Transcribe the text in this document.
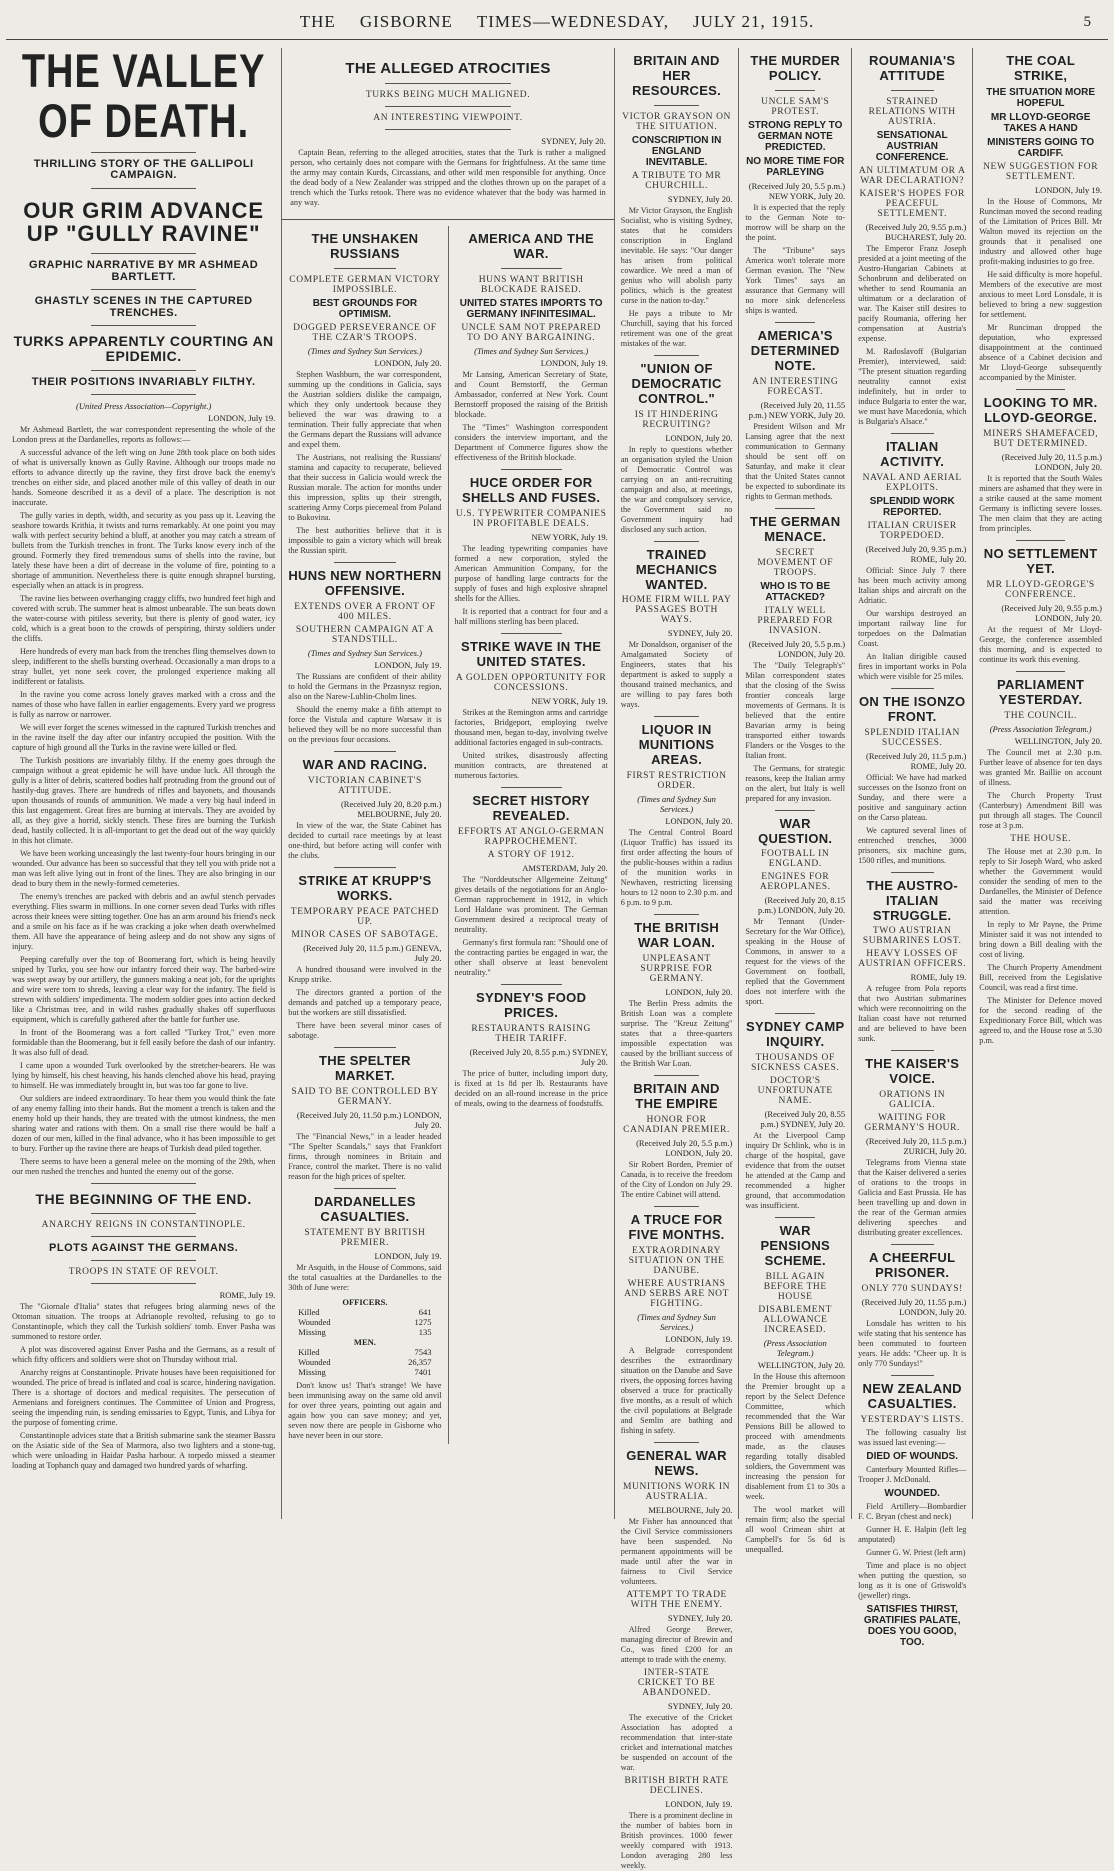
THE GISBORNE TIMES—WEDNESDAY, JULY 21, 1915.	5
THE VALLEY OF DEATH.
THRILLING STORY OF THE GALLIPOLI CAMPAIGN.
OUR GRIM ADVANCE UP "GULLY RAVINE"
GRAPHIC NARRATIVE BY MR ASHMEAD BARTLETT.
GHASTLY SCENES IN THE CAPTURED TRENCHES.
TURKS APPARENTLY COURTING AN EPIDEMIC.
THEIR POSITIONS INVARIABLY FILTHY.
(United Press Association—Copyright.)
LONDON, July 19.

Mr Ashmead Bartlett, the war correspondent representing the whole of the London press at the Dardanelles, reports as follows:—

A successful advance of the left wing on June 28th took place on both sides of what is universally known as Gully Ravine. Although our troops made no efforts to advance directly up the ravine, they first drove back the enemy's trenches on either side, and placed another mile of this valley of death in our hands. Someone described it as a devil of a place. The description is not inaccurate.

The gully varies in depth, width, and security as you pass up it. Leaving the seashore towards Krithia, it twists and turns remarkably. At one point you may walk with perfect security behind a bluff, at another you may catch a stream of bullets from the Turkish trenches in front. The Turks know every inch of the ground. Formerly they fired tremendous sums of shells into the ravine, but lately these have been a dirt of decrease in the volume of fire, pointing to a shortage of ammunition. Nevertheless there is quite enough shrapnel bursting, especially when an attack is in progress.

The ravine lies between overhanging craggy cliffs, two hundred feet high and covered with scrub. The summer heat is almost unbearable. The sun beats down the water-course with pitiless severity, but there is plenty of good water, icy cold, which is a great boon to the crowds of perspiring, thirsty soldiers under the cliffs.

Here hundreds of every man back from the trenches fling themselves down to sleep, indifferent to the shells bursting overhead. Occasionally a man drops to a stray bullet, yet none seek cover, the prolonged experience making all indifferent or fatalists.

In the ravine you come across lonely graves marked with a cross and the names of those who have fallen in earlier engagements. Every yard we progress is fully as narrow or narrower.

We will ever forget the scenes witnessed in the captured Turkish trenches and in the ravine itself the day after our infantry occupied the position. With the capture of high ground all the Turks in the ravine were killed or fled.

The Turkish positions are invariably filthy. If the enemy goes through the campaign without a great epidemic he will have undue luck. All through the gully is a litter of debris, scattered bodies half protruding from the ground out of hastily-dug graves. There are hundreds of rifles and bayonets, and thousands upon thousands of rounds of ammunition. We made a very big haul indeed in this last engagement. Great fires are burning at intervals. They are avoided by all, as they give a horrid, sickly stench. These fires are burning the Turkish dead, hastily collected. It is all-important to get the dead out of the way quickly in this hot climate.

We have been working unceasingly the last twenty-four hours bringing in our wounded. Our advance has been so successful that they tell you with pride not a man was left alive lying out in front of the lines. They are also bringing in our dead to bury them in the newly-formed cemeteries.

The enemy's trenches are packed with debris and an awful stench pervades everything. Flies swarm in millions. In one corner seven dead Turks with rifles across their knees were sitting together. One has an arm around his friend's neck and a smile on his face as if he was cracking a joke when death overwhelmed them. All have the appearance of being asleep and do not show any signs of injury.

Peeping carefully over the top of Boomerang fort, which is being heavily sniped by Turks, you see how our infantry forced their way. The barbed-wire was swept away by our artillery, the gunners making a neat job, for the uprights and wire were torn to shreds, leaving a clear way for the infantry. The field is strewn with soldiers' impedimenta. The modern soldier goes into action decked like a Christmas tree, and in wild rushes gradually shakes off superfluous equipment, which is carefully gathered after the battle for further use.

In front of the Boomerang was a fort called "Turkey Trot," even more formidable than the Boomerang, but it fell easily before the dash of our infantry. It was also full of dead.

I came upon a wounded Turk overlooked by the stretcher-bearers. He was lying by himself, his chest heaving, his hands clenched above his head, praying to himself. He was immediately brought in, but was too far gone to live.

Our soldiers are indeed extraordinary. To hear them you would think the fate of any enemy falling into their hands. But the moment a trench is taken and the enemy hold up their hands, they are treated with the utmost kindness, the men sharing water and rations with them. On a small rise there would be half a dozen of our men, killed in the final advance, who it has been impossible to get to bury. Further up the ravine there are heaps of Turkish dead piled together.

There seems to have been a general melee on the morning of the 29th, when our men rushed the trenches and hunted the enemy out of the gorse.

THE BEGINNING OF THE END.
ANARCHY REIGNS IN CONSTANTINOPLE.
PLOTS AGAINST THE GERMANS.
TROOPS IN STATE OF REVOLT.
ROME, July 19.

The "Giornale d'Italia" states that refugees bring alarming news of the Ottoman situation. The troops at Adrianople revolted, refusing to go to Constantinople, which they call the Turkish soldiers' tomb. Enver Pasha was summoned to restore order.

A plot was discovered against Enver Pasha and the Germans, as a result of which fifty officers and soldiers were shot on Thursday without trial.

Anarchy reigns at Constantinople. Private houses have been requisitioned for wounded. The price of bread is inflated and coal is scarce, hindering navigation. There is a shortage of doctors and medical requisites. The persecution of Armenians and foreigners continues. The Committee of Union and Progress, seeing the impending ruin, is sending emissaries to Egypt, Tunis, and Libya for the purpose of fomenting crime.

Constantinople advices state that a British submarine sank the steamer Bassra on the Asiatic side of the Sea of Marmora, also two lighters and a stone-tug, which were unloading in Haidar Pasha harbour. A torpedo missed a steamer loading at Tophanch quay and damaged two hundred yards of wharfing.

THE ALLEGED ATROCITIES
TURKS BEING MUCH MALIGNED.
AN INTERESTING VIEWPOINT.
SYDNEY, July 20.

Captain Bean, referring to the alleged atrocities, states that the Turk is rather a maligned person, who certainly does not compare with the Germans for frightfulness. At the same time the army may contain Kurds, Circassians, and other wild men responsible for anything. Once the dead body of a New Zealander was stripped and the clothes thrown up on the parapet of a trench which the Turks retook. There was no evidence whatever that the body was harmed in any way.

THE UNSHAKEN RUSSIANS
COMPLETE GERMAN VICTORY IMPOSSIBLE.
BEST GROUNDS FOR OPTIMISM.
DOGGED PERSEVERANCE OF THE CZAR'S TROOPS.
(Times and Sydney Sun Services.)
LONDON, July 20.

Stephen Washburn, the war correspondent, summing up the conditions in Galicia, says the Austrian soldiers dislike the campaign, which they only undertook because they believed the war was drawing to a termination. Their fully appreciate that when the Germans depart the Russians will advance and expel them.

The Austrians, not realising the Russians' stamina and capacity to recuperate, believed that their success in Galicia would wreck the Russian morale. The action for months under this impression, splits up their strength, scattering Army Corps piecemeal from Poland to Bukovina.

The best authorities believe that it is impossible to gain a victory which will break the Russian spirit.

HUNS NEW NORTHERN OFFENSIVE.
EXTENDS OVER A FRONT OF 400 MILES.
SOUTHERN CAMPAIGN AT A STANDSTILL.
(Times and Sydney Sun Services.)
LONDON, July 19.

The Russians are confident of their ability to hold the Germans in the Przasnysz region, also on the Narew-Lublin-Cholm lines.

Should the enemy make a fifth attempt to force the Vistula and capture Warsaw it is believed they will be no more successful than on the previous four occasions.

WAR AND RACING.
VICTORIAN CABINET'S ATTITUDE.
(Received July 20, 8.20 p.m.) MELBOURNE, July 20.

In view of the war, the State Cabinet has decided to curtail race meetings by at least one-third, but before acting will confer with the clubs.

STRIKE AT KRUPP'S WORKS.
TEMPORARY PEACE PATCHED UP.
MINOR CASES OF SABOTAGE.
(Received July 20, 11.5 p.m.) GENEVA, July 20.

A hundred thousand were involved in the Krupp strike.

The directors granted a portion of the demands and patched up a temporary peace, but the workers are still dissatisfied.

There have been several minor cases of sabotage.

THE SPELTER MARKET.
SAID TO BE CONTROLLED BY GERMANY.
(Received July 20, 11.50 p.m.) LONDON, July 20.

The "Financial News," in a leader headed "The Spelter Scandals," says that Frankfort firms, through nominees in Britain and France, control the market. There is no valid reason for the high prices of spelter.

DARDANELLES CASUALTIES.
STATEMENT BY BRITISH PREMIER.
LONDON, July 19.

Mr Asquith, in the House of Commons, said the total casualties at the Dardanelles to the 30th of June were:

OFFICERS.
Killed	641
Wounded	1275
Missing	135
MEN.
Killed	7543
Wounded	26,357
Missing	7401

Don't know us! That's strange! We have been immunising away on the same old anvil for over three years, pointing out again and again how you can save money; and yet, seven now there are people in Gisborne who have never been in our store.

AMERICA AND THE WAR.
HUNS WANT BRITISH BLOCKADE RAISED.
UNITED STATES IMPORTS TO GERMANY INFINITESIMAL.
UNCLE SAM NOT PREPARED TO DO ANY BARGAINING.
(Times and Sydney Sun Services.)
LONDON, July 19.

Mr Lansing, American Secretary of State, and Count Bernstorff, the German Ambassador, conferred at New York. Count Bernstorff proposed the raising of the British blockade.

The "Times" Washington correspondent considers the interview important, and the Department of Commerce figures show the effectiveness of the British blockade.

HUCE ORDER FOR SHELLS AND FUSES.
U.S. TYPEWRITER COMPANIES IN PROFITABLE DEALS.
NEW YORK, July 19.

The leading typewriting companies have formed a new corporation, styled the American Ammunition Company, for the purpose of handling large contracts for the supply of fuses and high explosive shrapnel shells for the Allies.

It is reported that a contract for four and a half millions sterling has been placed.

STRIKE WAVE IN THE UNITED STATES.
A GOLDEN OPPORTUNITY FOR CONCESSIONS.
NEW YORK, July 19.

Strikes at the Remington arms and cartridge factories, Bridgeport, employing twelve thousand men, began to-day, involving twelve additional factories engaged in sub-contracts.

United strikes, disastrously affecting munition contracts, are threatened at numerous factories.

SECRET HISTORY REVEALED.
EFFORTS AT ANGLO-GERMAN RAPPROCHEMENT.
A STORY OF 1912.
AMSTERDAM, July 20.

The "Norddeutscher Allgemeine Zeitung" gives details of the negotiations for an Anglo-German rapprochement in 1912, in which Lord Haldane was prominent. The German Government desired a reciprocal treaty of neutrality.

Germany's first formula ran: "Should one of the contracting parties be engaged in war, the other shall observe at least benevolent neutrality."

SYDNEY'S FOOD PRICES.
RESTAURANTS RAISING THEIR TARIFF.
(Received July 20, 8.55 p.m.) SYDNEY, July 20.

The price of butter, including import duty, is fixed at 1s 8d per lb. Restaurants have decided on an all-round increase in the price of meals, owing to the dearness of foodstuffs.

BRITAIN AND HER RESOURCES.
VICTOR GRAYSON ON THE SITUATION.
CONSCRIPTION IN ENGLAND INEVITABLE.
A TRIBUTE TO MR CHURCHILL.
SYDNEY, July 20.

Mr Victor Grayson, the English Socialist, who is visiting Sydney, states that he considers conscription in England inevitable. He says: "Our danger has arisen from political cowardice. We need a man of genius who will abolish party politics, which is the greatest curse in the nation to-day."

He pays a tribute to Mr Churchill, saying that his forced retirement was one of the great mistakes of the war.

"UNION OF DEMOCRATIC CONTROL."
IS IT HINDERING RECRUITING?
LONDON, July 20.

In reply to questions whether an organisation styled the Union of Democratic Control was carrying on an anti-recruiting campaign and also, at meetings, the war and compulsory service, the Government said no Government inquiry had disclosed any such action.

TRAINED MECHANICS WANTED.
HOME FIRM WILL PAY PASSAGES BOTH WAYS.
SYDNEY, July 20.

Mr Donaldson, organiser of the Amalgamated Society of Engineers, states that his department is asked to supply a thousand trained mechanics, and are willing to pay fares both ways.

LIQUOR IN MUNITIONS AREAS.
FIRST RESTRICTION ORDER.
(Times and Sydney Sun Services.)
LONDON, July 20.

The Central Control Board (Liquor Traffic) has issued its first order affecting the hours of the public-houses within a radius of the munition works in Newhaven, restricting licensing hours to 12 noon to 2.30 p.m. and 6 p.m. to 9 p.m.

THE BRITISH WAR LOAN.
UNPLEASANT SURPRISE FOR GERMANY.
LONDON, July 20.

The Berlin Press admits the British Loan was a complete surprise. The "Kreuz Zeitung" states that a three-quarters impossible expectation was caused by the brilliant success of the British War Loan.

BRITAIN AND THE EMPIRE
HONOR FOR CANADIAN PREMIER.
(Received July 20, 5.5 p.m.) LONDON, July 20.

Sir Robert Borden, Premier of Canada, is to receive the freedom of the City of London on July 29. The entire Cabinet will attend.

A TRUCE FOR FIVE MONTHS.
EXTRAORDINARY SITUATION ON THE DANUBE.
WHERE AUSTRIANS AND SERBS ARE NOT FIGHTING.
(Times and Sydney Sun Services.)
LONDON, July 19.

A Belgrade correspondent describes the extraordinary situation on the Danube and Save rivers, the opposing forces having observed a truce for practically five months, as a result of which the civil populations at Belgrade and Semlin are bathing and fishing in safety.

GENERAL WAR NEWS.
MUNITIONS WORK IN AUSTRALIA.
MELBOURNE, July 20.

Mr Fisher has announced that the Civil Service commissioners have been suspended. No permanent appointments will be made until after the war in fairness to Civil Service volunteers.

ATTEMPT TO TRADE WITH THE ENEMY.
SYDNEY, July 20.

Alfred George Brewer, managing director of Brewin and Co., was fined £200 for an attempt to trade with the enemy.

INTER-STATE CRICKET TO BE ABANDONED.
SYDNEY, July 20.

The executive of the Cricket Association has adopted a recommendation that inter-state cricket and international matches be suspended on account of the war.

BRITISH BIRTH RATE DECLINES.
LONDON, July 19.

There is a prominent decline in the number of babies born in British provinces. 1000 fewer weekly compared with 1913. London averaging 280 less weekly.

THE MURDER POLICY.
UNCLE SAM'S PROTEST.
STRONG REPLY TO GERMAN NOTE PREDICTED.
NO MORE TIME FOR PARLEYING
(Received July 20, 5.5 p.m.) NEW YORK, July 20.

It is expected that the reply to the German Note to-morrow will be sharp on the the point.

The "Tribune" says America won't tolerate more German evasion. The "New York Times" says an assurance that Germany will no more sink defenceless ships is wanted.

AMERICA'S DETERMINED NOTE.
AN INTERESTING FORECAST.
(Received July 20, 11.55 p.m.) NEW YORK, July 20.

President Wilson and Mr Lansing agree that the next communication to Germany should be sent off on Saturday, and make it clear that the United States cannot be expected to subordinate its rights to German methods.

THE GERMAN MENACE.
SECRET MOVEMENT OF TROOPS.
WHO IS TO BE ATTACKED?
ITALY WELL PREPARED FOR INVASION.
(Received July 20, 5.5 p.m.) LONDON, July 20.

The "Daily Telegraph's" Milan correspondent states that the closing of the Swiss frontier conceals large movements of Germans. It is believed that the entire Bavarian army is being transported either towards Flanders or the Vosges to the Italian front.

The Germans, for strategic reasons, keep the Italian army on the alert, but Italy is well prepared for any invasion.

WAR QUESTION.
FOOTBALL IN ENGLAND.
ENGINES FOR AEROPLANES.
(Received July 20, 8.15 p.m.) LONDON, July 20.

Mr Tennant (Under-Secretary for the War Office), speaking in the House of Commons, in answer to a request for the views of the Government on football, replied that the Government does not interfere with the sport.

SYDNEY CAMP INQUIRY.
THOUSANDS OF SICKNESS CASES.
DOCTOR'S UNFORTUNATE NAME.
(Received July 20, 8.55 p.m.) SYDNEY, July 20.

At the Liverpool Camp inquiry Dr Schlink, who is in charge of the hospital, gave evidence that from the outset he attended at the Camp and recommended a higher ground, that accommodation was insufficient.

WAR PENSIONS SCHEME.
BILL AGAIN BEFORE THE HOUSE
DISABLEMENT ALLOWANCE INCREASED.
(Press Association Telegram.)
WELLINGTON, July 20.

In the House this afternoon the Premier brought up a report by the Select Defence Committee, which recommended that the War Pensions Bill be allowed to proceed with amendments made, as the clauses regarding totally disabled soldiers, the Government was increasing the pension for disablement from £1 to 30s a week.

The wool market will remain firm; also the special all wool Crimean shirt at Campbell's for 5s 6d is unequalled.

ROUMANIA'S ATTITUDE
STRAINED RELATIONS WITH AUSTRIA.
SENSATIONAL AUSTRIAN CONFERENCE.
AN ULTIMATUM OR A WAR DECLARATION?
KAISER'S HOPES FOR PEACEFUL SETTLEMENT.
(Received July 20, 9.55 p.m.) BUCHAREST, July 20.

The Emperor Franz Joseph presided at a joint meeting of the Austro-Hungarian Cabinets at Schonbrunn and deliberated on whether to send Roumania an ultimatum or a declaration of war. The Kaiser still desires to pacify Roumania, offering her compensation at Austria's expense.

M. Radoslavoff (Bulgarian Premier), interviewed, said: "The present situation regarding neutrality cannot exist indefinitely, but in order to induce Bulgaria to enter the war, we must have Macedonia, which is Bulgaria's Alsace."

ITALIAN ACTIVITY.
NAVAL AND AERIAL EXPLOITS.
SPLENDID WORK REPORTED.
ITALIAN CRUISER TORPEDOED.
(Received July 20, 9.35 p.m.) ROME, July 20.

Official: Since July 7 there has been much activity among Italian ships and aircraft on the Adriatic.

Our warships destroyed an important railway line for torpedoes on the Dalmatian Coast.

An Italian dirigible caused fires in important works in Pola which were visible for 25 miles.

ON THE ISONZO FRONT.
SPLENDID ITALIAN SUCCESSES.
(Received July 20, 11.5 p.m.) ROME, July 20.

Official: We have had marked successes on the Isonzo front on Sunday, and there were a positive and sanguinary action on the Carso plateau.

We captured several lines of entrenched trenches, 3000 prisoners, six machine guns, 1500 rifles, and munitions.

THE AUSTRO-ITALIAN STRUGGLE.
TWO AUSTRIAN SUBMARINES LOST.
HEAVY LOSSES OF AUSTRIAN OFFICERS.
ROME, July 19.

A refugee from Pola reports that two Austrian submarines which were reconnoitring on the Italian coast have not returned and are believed to have been sunk.

THE KAISER'S VOICE.
ORATIONS IN GALICIA.
WAITING FOR GERMANY'S HOUR.
(Received July 20, 11.5 p.m.) ZURICH, July 20.

Telegrams from Vienna state that the Kaiser delivered a series of orations to the troops in Galicia and East Prussia. He has been travelling up and down in the rear of the German armies delivering speeches and distributing greater excellences.

A CHEERFUL PRISONER.
ONLY 770 SUNDAYS!
(Received July 20, 11.55 p.m.) LONDON, July 20.

Lonsdale has written to his wife stating that his sentence has been commuted to fourteen years. He adds: "Cheer up. It is only 770 Sundays!"

NEW ZEALAND CASUALTIES.
YESTERDAY'S LISTS.

The following casualty list was issued last evening:—

DIED OF WOUNDS.

Canterbury Mounted Rifles—Trooper J. McDonald.

WOUNDED.

Field Artillery—Bombardier F. C. Bryan (chest and neck)

Gunner H. E. Halpin (left leg amputated)

Gunner G. W. Priest (left arm)

Time and place is no object when putting the question, so long as it is one of Griswold's (jeweller) rings.

SATISFIES THIRST, GRATIFIES PALATE, DOES YOU GOOD, TOO.
THE COAL STRIKE,
THE SITUATION MORE HOPEFUL
MR LLOYD-GEORGE TAKES A HAND
MINISTERS GOING TO CARDIFF.
NEW SUGGESTION FOR SETTLEMENT.
LONDON, July 19.

In the House of Commons, Mr Runciman moved the second reading of the Limitation of Prices Bill. Mr Walton moved its rejection on the grounds that it penalised one industry and allowed other huge profit-making industries to go free.

He said difficulty is more hopeful. Members of the executive are most anxious to meet Lord Lonsdale, it is believed to bring a new suggestion for settlement.

Mr Runciman dropped the deputation, who expressed disappointment at the continued absence of a Cabinet decision and Mr Lloyd-George subsequently accompanied by the Minister.

LOOKING TO MR. LLOYD-GEORGE.
MINERS SHAMEFACED, BUT DETERMINED.
(Received July 20, 11.5 p.m.) LONDON, July 20.

It is reported that the South Wales miners are ashamed that they were in a strike caused at the same moment Germany is inflicting severe losses. The men claim that they are acting from principles.

NO SETTLEMENT YET.
MR LLOYD-GEORGE'S CONFERENCE.
(Received July 20, 9.55 p.m.) LONDON, July 20.

At the request of Mr Lloyd-George, the conference assembled this morning, and is expected to continue its work this evening.

PARLIAMENT YESTERDAY.
THE COUNCIL.
(Press Association Telegram.)
WELLINGTON, July 20.

The Council met at 2.30 p.m. Further leave of absence for ten days was granted Mr. Baillie on account of illness.

The Church Property Trust (Canterbury) Amendment Bill was put through all stages. The Council rose at 3 p.m.

THE HOUSE.

The House met at 2.30 p.m. In reply to Sir Joseph Ward, who asked whether the Government would consider the sending of men to the Dardanelles, the Minister of Defence said the matter was receiving attention.

In reply to Mr Payne, the Prime Minister said it was not intended to bring down a Bill dealing with the cost of living.

The Church Property Amendment Bill, received from the Legislative Council, was read a first time.

The Minister for Defence moved for the second reading of the Expeditionary Force Bill, which was agreed to, and the House rose at 5.30 p.m.
